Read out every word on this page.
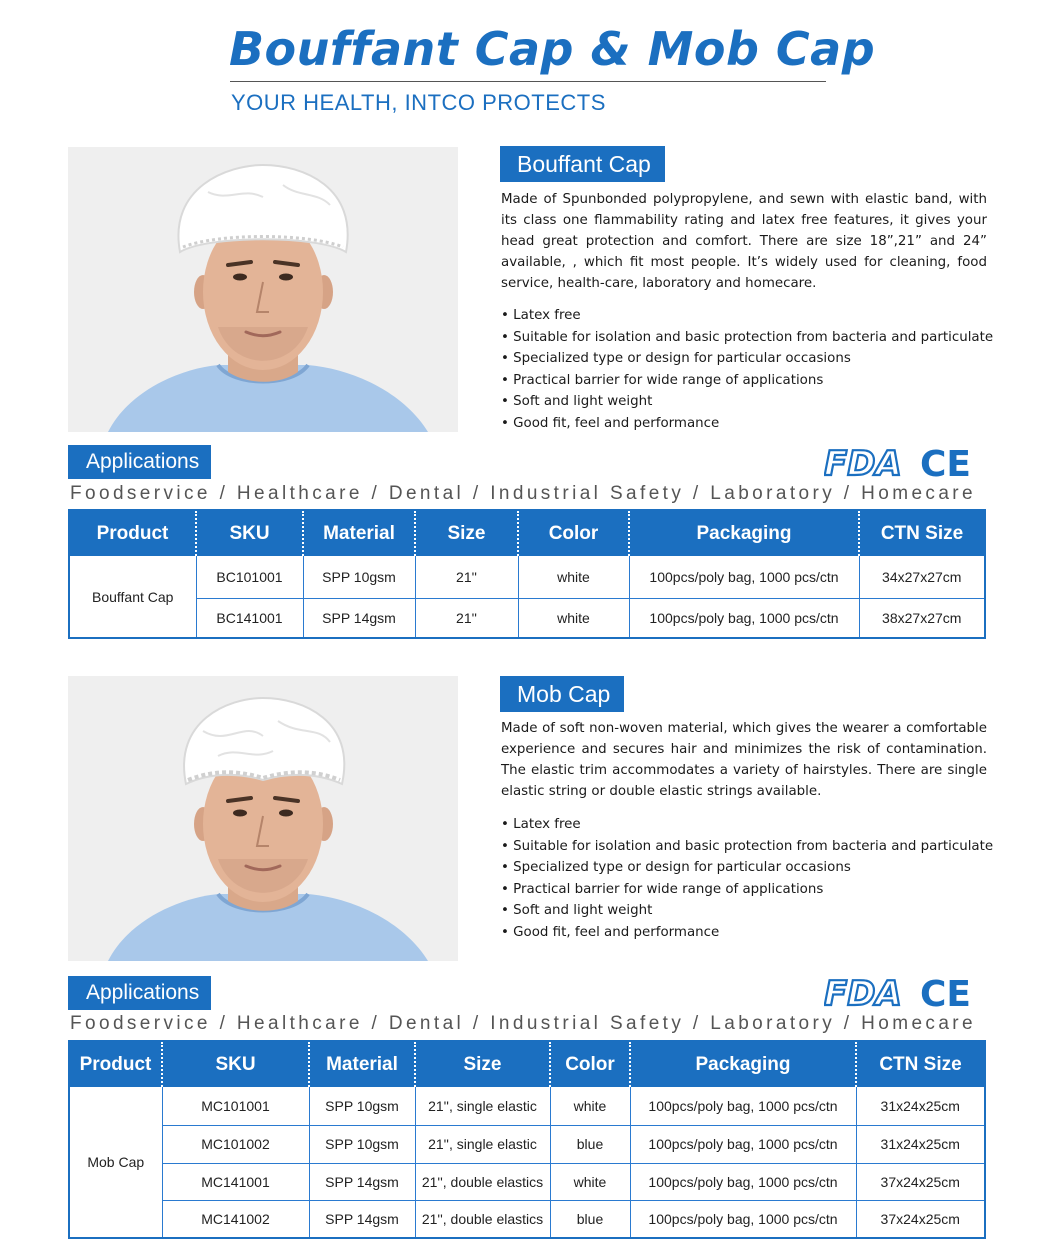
Bouffant Cap & Mob Cap
YOUR HEALTH, INTCO PROTECTS
Bouffant Cap

Made of Spunbonded polypropylene, and sewn with elastic band, with its class one flammability rating and latex free features, it gives your head great protection and comfort. There are size 18”,21” and 24” available, , which fit most people. It’s widely used for cleaning, food service, health-care, laboratory and homecare.

• Latex free
• Suitable for isolation and basic protection from bacteria and particulate
• Specialized type or design for particular occasions
• Practical barrier for wide range of applications
• Soft and light weight
• Good fit, feel and performance
Applications	FDA CE
Foodservice / Healthcare / Dental / Industrial Safety / Laboratory / Homecare
Product	SKU	Material	Size	Color	Packaging	CTN Size
Bouffant Cap	BC101001	SPP 10gsm	21''	white	100pcs/poly bag, 1000 pcs/ctn	34x27x27cm
	BC141001	SPP 14gsm	21''	white	100pcs/poly bag, 1000 pcs/ctn	38x27x27cm
Mob Cap

Made of soft non-woven material, which gives the wearer a comfortable experience and secures hair and minimizes the risk of contamination. The elastic trim accommodates a variety of hairstyles. There are single elastic string or double elastic strings available.

• Latex free
• Suitable for isolation and basic protection from bacteria and particulate
• Specialized type or design for particular occasions
• Practical barrier for wide range of applications
• Soft and light weight
• Good fit, feel and performance
Applications	FDA CE
Foodservice / Healthcare / Dental / Industrial Safety / Laboratory / Homecare
Product	SKU	Material	Size	Color	Packaging	CTN Size
Mob Cap	MC101001	SPP 10gsm	21'', single elastic	white	100pcs/poly bag, 1000 pcs/ctn	31x24x25cm
	MC101002	SPP 10gsm	21'', single elastic	blue	100pcs/poly bag, 1000 pcs/ctn	31x24x25cm
	MC141001	SPP 14gsm	21'', double elastics	white	100pcs/poly bag, 1000 pcs/ctn	37x24x25cm
	MC141002	SPP 14gsm	21'', double elastics	blue	100pcs/poly bag, 1000 pcs/ctn	37x24x25cm
